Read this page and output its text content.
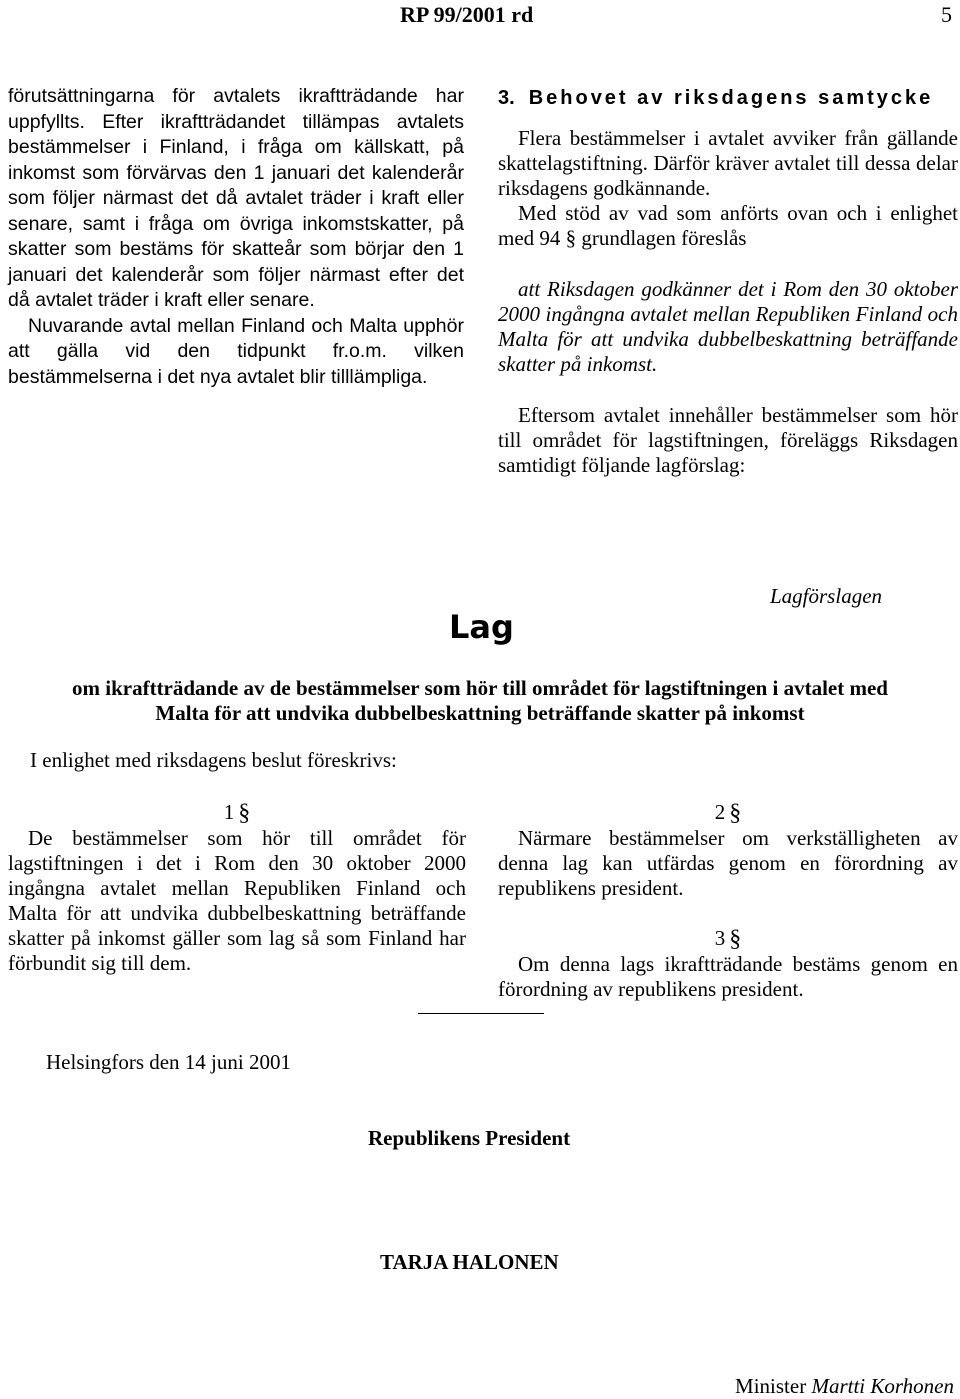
RP 99/2001 rd	5

förutsättningarna för avtalets ikraftträdande har uppfyllts. Efter ikraftträdandet tillämpas avtalets bestämmelser i Finland, i fråga om källskatt, på inkomst som förvärvas den 1 januari det kalenderår som följer närmast det då avtalet träder i kraft eller senare, samt i fråga om övriga inkomstskatter, på skatter som bestäms för skatteår som börjar den 1 januari det kalenderår som följer närmast efter det då avtalet träder i kraft eller senare.

Nuvarande avtal mellan Finland och Malta upphör att gälla vid den tidpunkt fr.o.m. vilken bestämmelserna i det nya avtalet blir tilllämpliga.

3. Behovet av riksdagens samtycke

Flera bestämmelser i avtalet avviker från gällande skattelagstiftning. Därför kräver avtalet till dessa delar riksdagens godkännande.

Med stöd av vad som anförts ovan och i enlighet med 94 § grundlagen föreslås

att Riksdagen godkänner det i Rom den 30 oktober 2000 ingångna avtalet mellan Republiken Finland och Malta för att undvika dubbelbeskattning beträffande skatter på inkomst.

Eftersom avtalet innehåller bestämmelser som hör till området för lagstiftningen, föreläggs Riksdagen samtidigt följande lagförslag:

Lagförslagen
Lag
om ikraftträdande av de bestämmelser som hör till området för lagstiftningen i avtalet med
Malta för att undvika dubbelbeskattning beträffande skatter på inkomst
I enlighet med riksdagens beslut föreskrivs:
1 §

De bestämmelser som hör till området för lagstiftningen i det i Rom den 30 oktober 2000 ingångna avtalet mellan Republiken Finland och Malta för att undvika dubbelbeskattning beträffande skatter på inkomst gäller som lag så som Finland har förbundit sig till dem.

2 §

Närmare bestämmelser om verkställigheten av denna lag kan utfärdas genom en förordning av republikens president.

3 §

Om denna lags ikraftträdande bestäms genom en förordning av republikens president.

Helsingfors den 14 juni 2001
Republikens President
TARJA HALONEN
Minister Martti Korhonen
